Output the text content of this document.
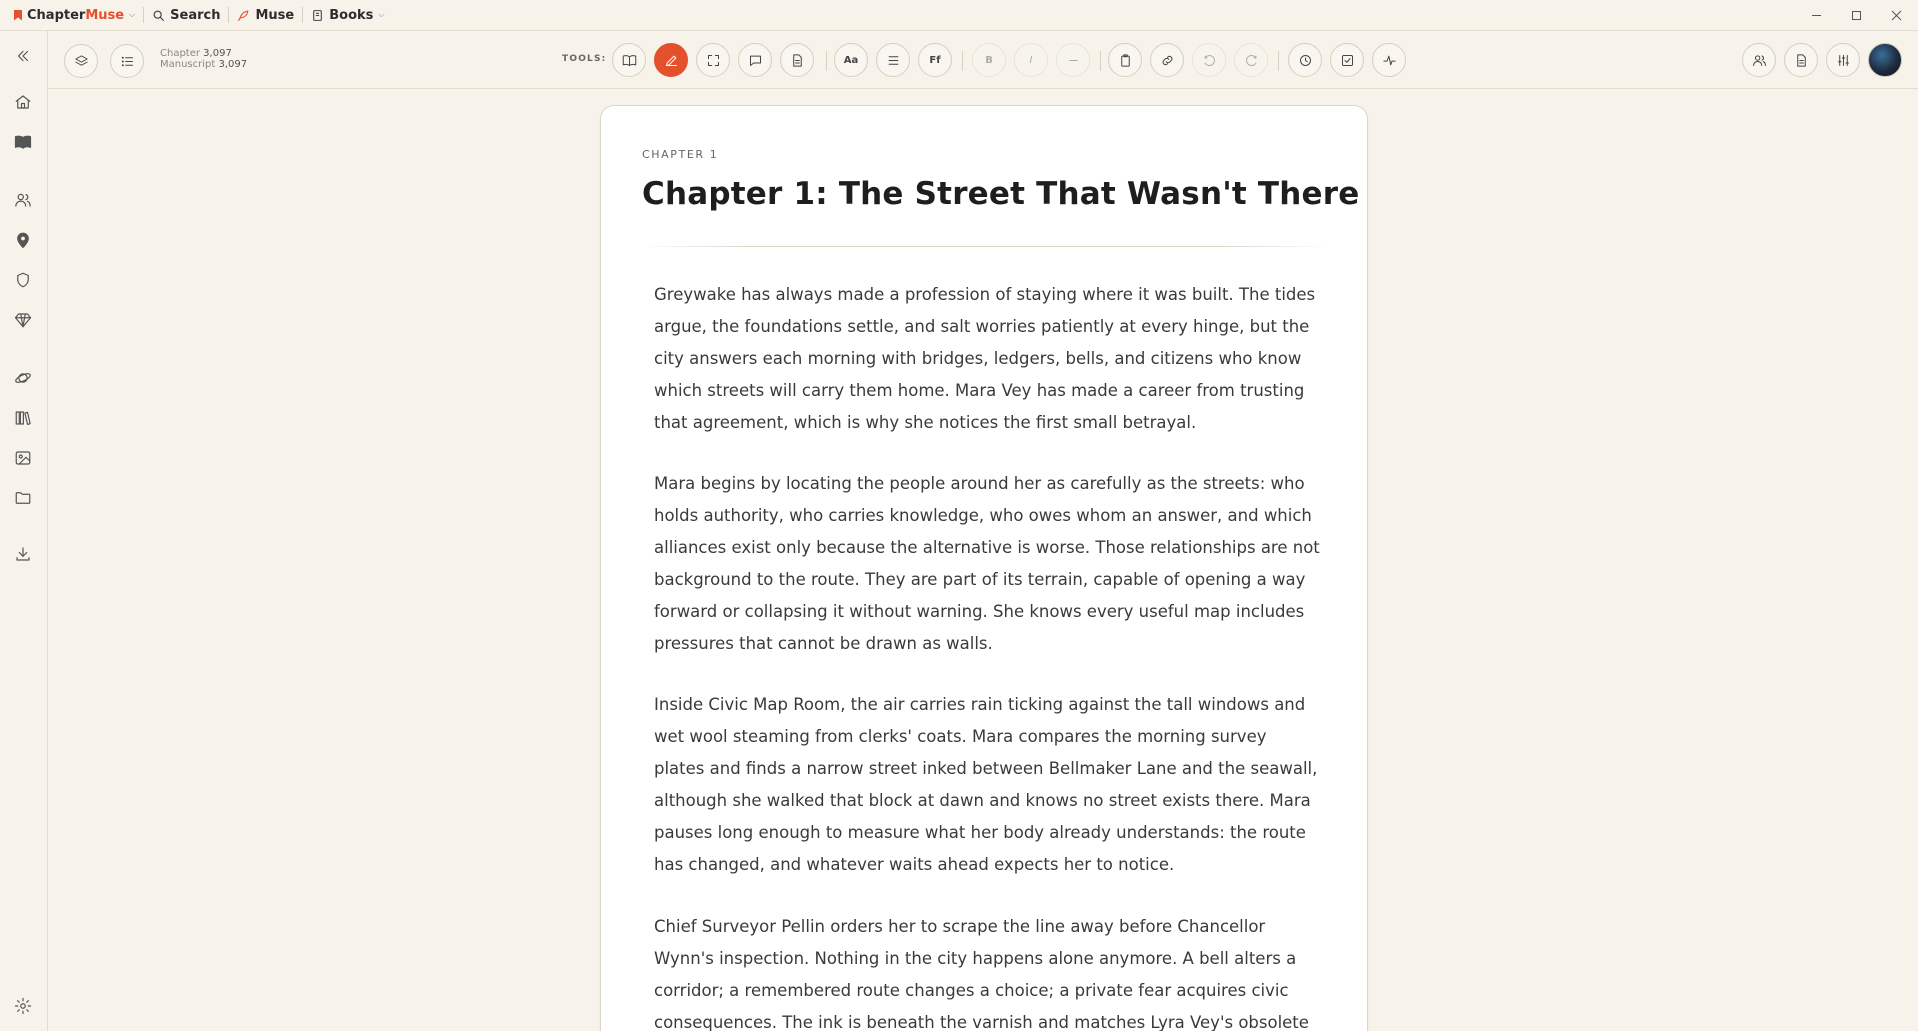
ChapterMuse ⌵	Search	Muse	Books ⌵
Chapter 3,097
Manuscript 3,097	TOOLS:	Aa	Ff	B	I
CHAPTER 1
Chapter 1: The Street That Wasn't There

Greywake has always made a profession of staying where it was built. The tides argue, the foundations settle, and salt worries patiently at every hinge, but the city answers each morning with bridges, ledgers, bells, and citizens who know which streets will carry them home. Mara Vey has made a career from trusting that agreement, which is why she notices the first small betrayal.

Mara begins by locating the people around her as carefully as the streets: who holds authority, who carries knowledge, who owes whom an answer, and which alliances exist only because the alternative is worse. Those relationships are not background to the route. They are part of its terrain, capable of opening a way forward or collapsing it without warning. She knows every useful map includes pressures that cannot be drawn as walls.

Inside Civic Map Room, the air carries rain ticking against the tall windows and wet wool steaming from clerks' coats. Mara compares the morning survey plates and finds a narrow street inked between Bellmaker Lane and the seawall, although she walked that block at dawn and knows no street exists there. Mara pauses long enough to measure what her body already understands: the route has changed, and whatever waits ahead expects her to notice.

Chief Surveyor Pellin orders her to scrape the line away before Chancellor Wynn's inspection. Nothing in the city happens alone anymore. A bell alters a corridor; a remembered route changes a choice; a private fear acquires civic consequences. The ink is beneath the varnish and matches Lyra Vey's obsolete
